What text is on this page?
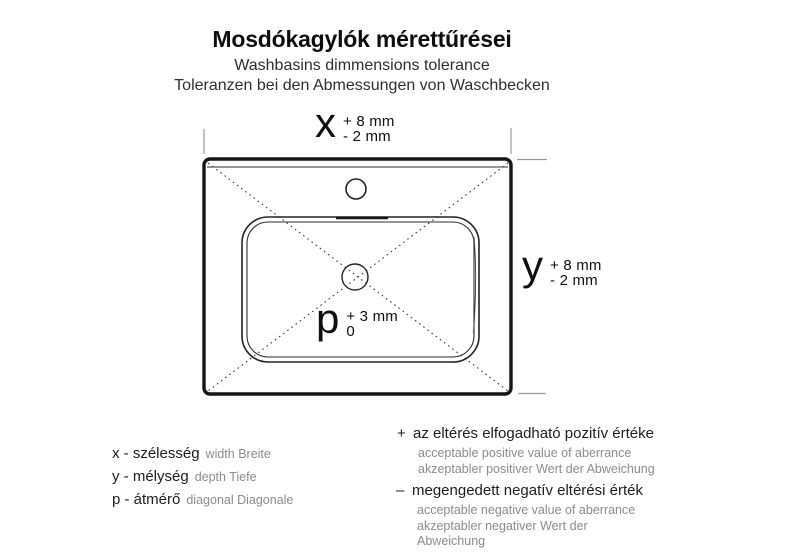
Mosdókagylók mérettűrései
Washbasins dimmensions tolerance
Toleranzen bei den Abmessungen von Waschbecken
x + 8 mm
- 2 mm
y + 8 mm
- 2 mm
p + 3 mm
0
x - szélesség width Breite
y - mélység depth Tiefe
p - átmérő diagonal Diagonale
+ az eltérés elfogadható pozitív értéke
acceptable positive value of aberrance
akzeptabler positiver Wert der Abweichung
– megengedett negatív eltérési érték
acceptable negative value of aberrance
akzeptabler negativer Wert der
Abweichung
